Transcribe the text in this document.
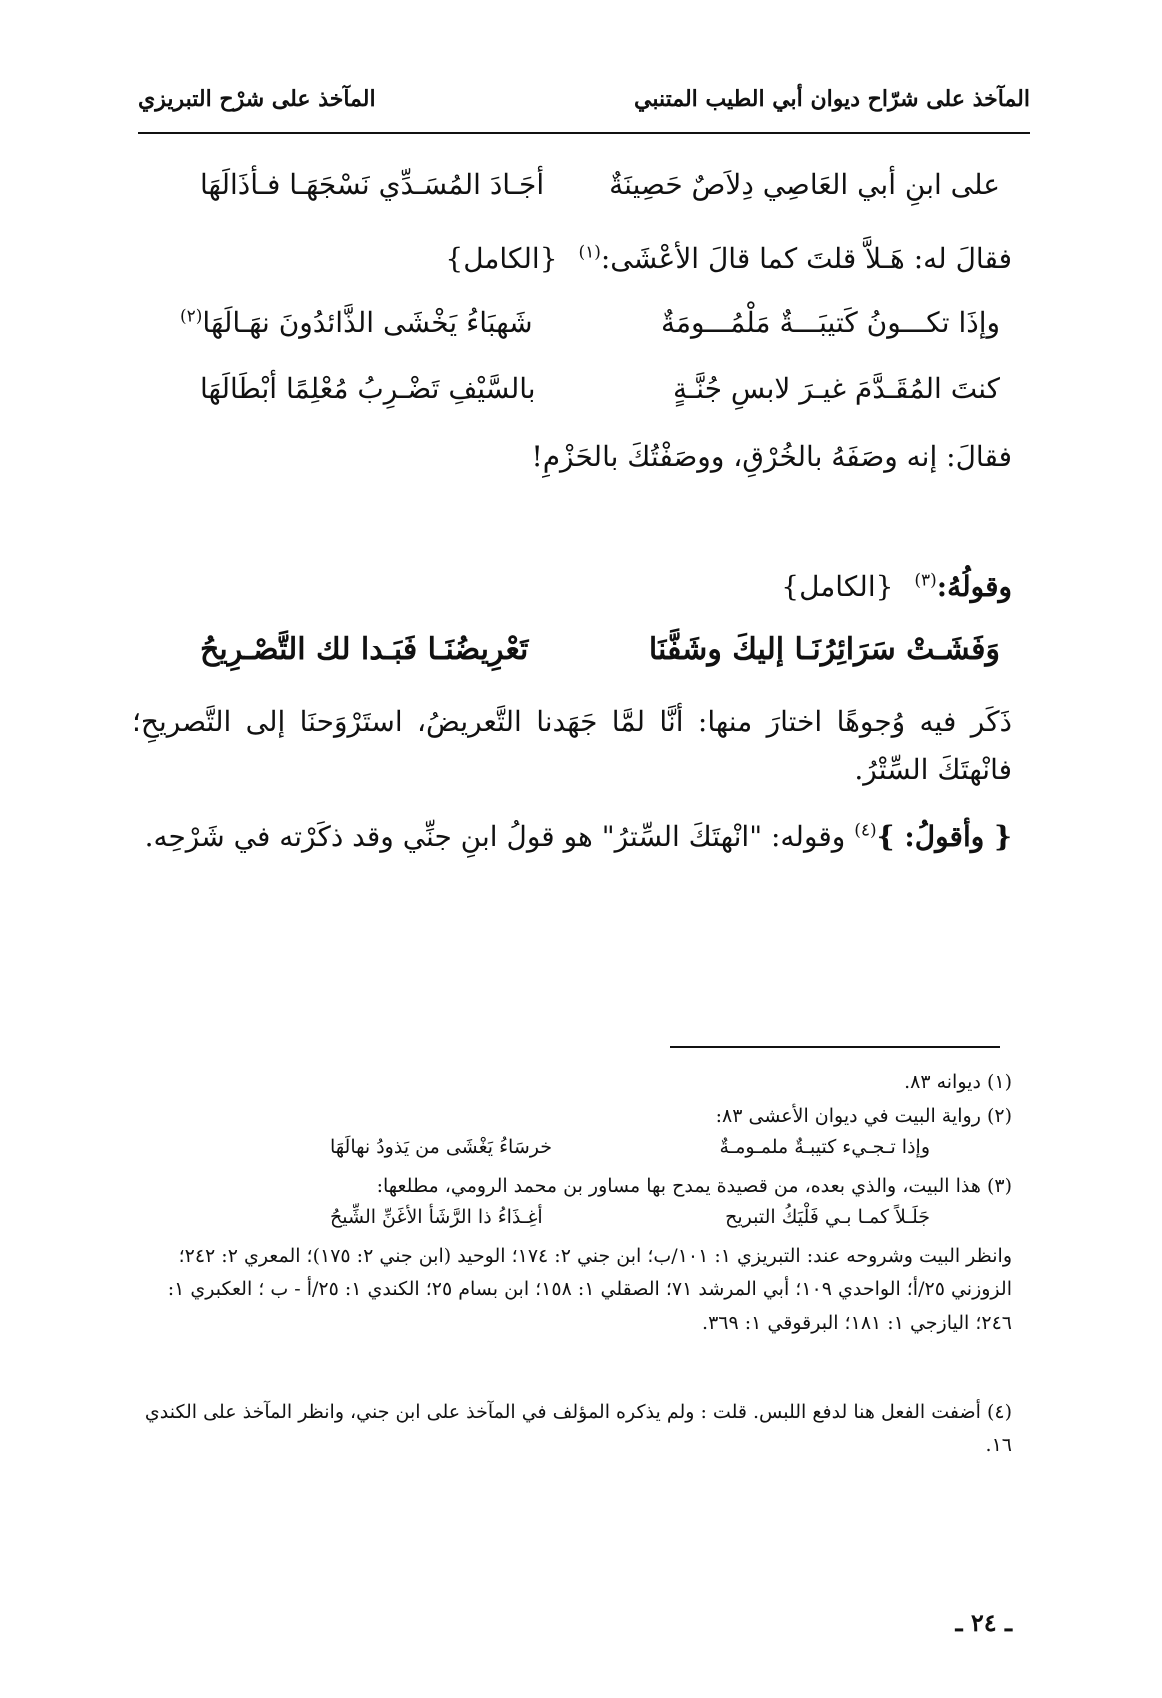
المآخذ على شرّاح ديوان أبي الطيب المتنبي
المآخذ على شرْح التبريزي
على ابنِ أبي العَاصِي دِلاَصٌ حَصِينَةٌ
أجَـادَ المُسَـدِّي نَسْجَهَـا فـأذَالَهَا
فقالَ له: هَـلاَّ قلتَ كما قالَ الأعْشَى:$^{(١)}$ {الكامل}
وإذَا تكـــونُ كَتيبَـــةٌ مَلْمُـــومَةٌ
شَهبَاءُ يَخْشَى الذَّائدُونَ نهَـالَهَا$^{(٢)}$
كنتَ المُقَـدَّمَ غيـرَ لابسِ جُنَّـةٍ
بالسَّيْفِ تَضْـرِبُ مُعْلِمًا أبْطَالَهَا
فقالَ: إنه وصَفَهُ بالخُرْقِ، ووصَفْتُكَ بالحَزْمِ!
وقولُهُ:$^{(٣)}$ {الكامل}
وَفَشَـتْ سَرَائِرُنَـا إليكَ وشَفَّنَا
تَعْرِيضُنَـا فَبَـدا لك التَّصْـرِيحُ
ذَكَر فيه وُجوهًا اختارَ منها: أنَّا لمَّا جَهَدنا التَّعريضُ، استَرْوَحنَا إلى التَّصريحِ؛ فانْهتَكَ السِّتْرُ.
{ وأقولُ: }$^{(٤)}$ وقوله: "انْهتَكَ السِّترُ" هو قولُ ابنِ جنِّي وقد ذكَرْته في شَرْحِه.
(١) ديوانه ٨٣.
(٢) رواية البيت في ديوان الأعشى ٨٣:
وإذا تـجـيء كتيبـةٌ ملمـومـةٌ
خرسَاءُ يَغْشَى من يَذودُ نهالَهَا
(٣) هذا البيت، والذي بعده، من قصيدة يمدح بها مساور بن محمد الرومي، مطلعها:
جَلَـلاً كمـا بـي فَلْيَكُ التبريح
أغِـذَاءُ ذا الرَّشَأ الأغَنِّ الشِّيحُ
وانظر البيت وشروحه عند: التبريزي ١: ١٠١/ب؛ ابن جني ٢: ١٧٤؛ الوحيد (ابن جني ٢: ١٧٥)؛ المعري ٢: ٢٤٢؛ الزوزني ٢٥/أ؛ الواحدي ١٠٩؛ أبي المرشد ٧١؛ الصقلي ١: ١٥٨؛ ابن بسام ٢٥؛ الكندي ١: ٢٥/أ - ب ؛ العكبري ١: ٢٤٦؛ اليازجي ١: ١٨١؛ البرقوقي ١: ٣٦٩.
(٤) أضفت الفعل هنا لدفع اللبس. قلت : ولم يذكره المؤلف في المآخذ على ابن جني، وانظر المآخذ على الكندي ١٦.
ـ ٢٤ ـ
